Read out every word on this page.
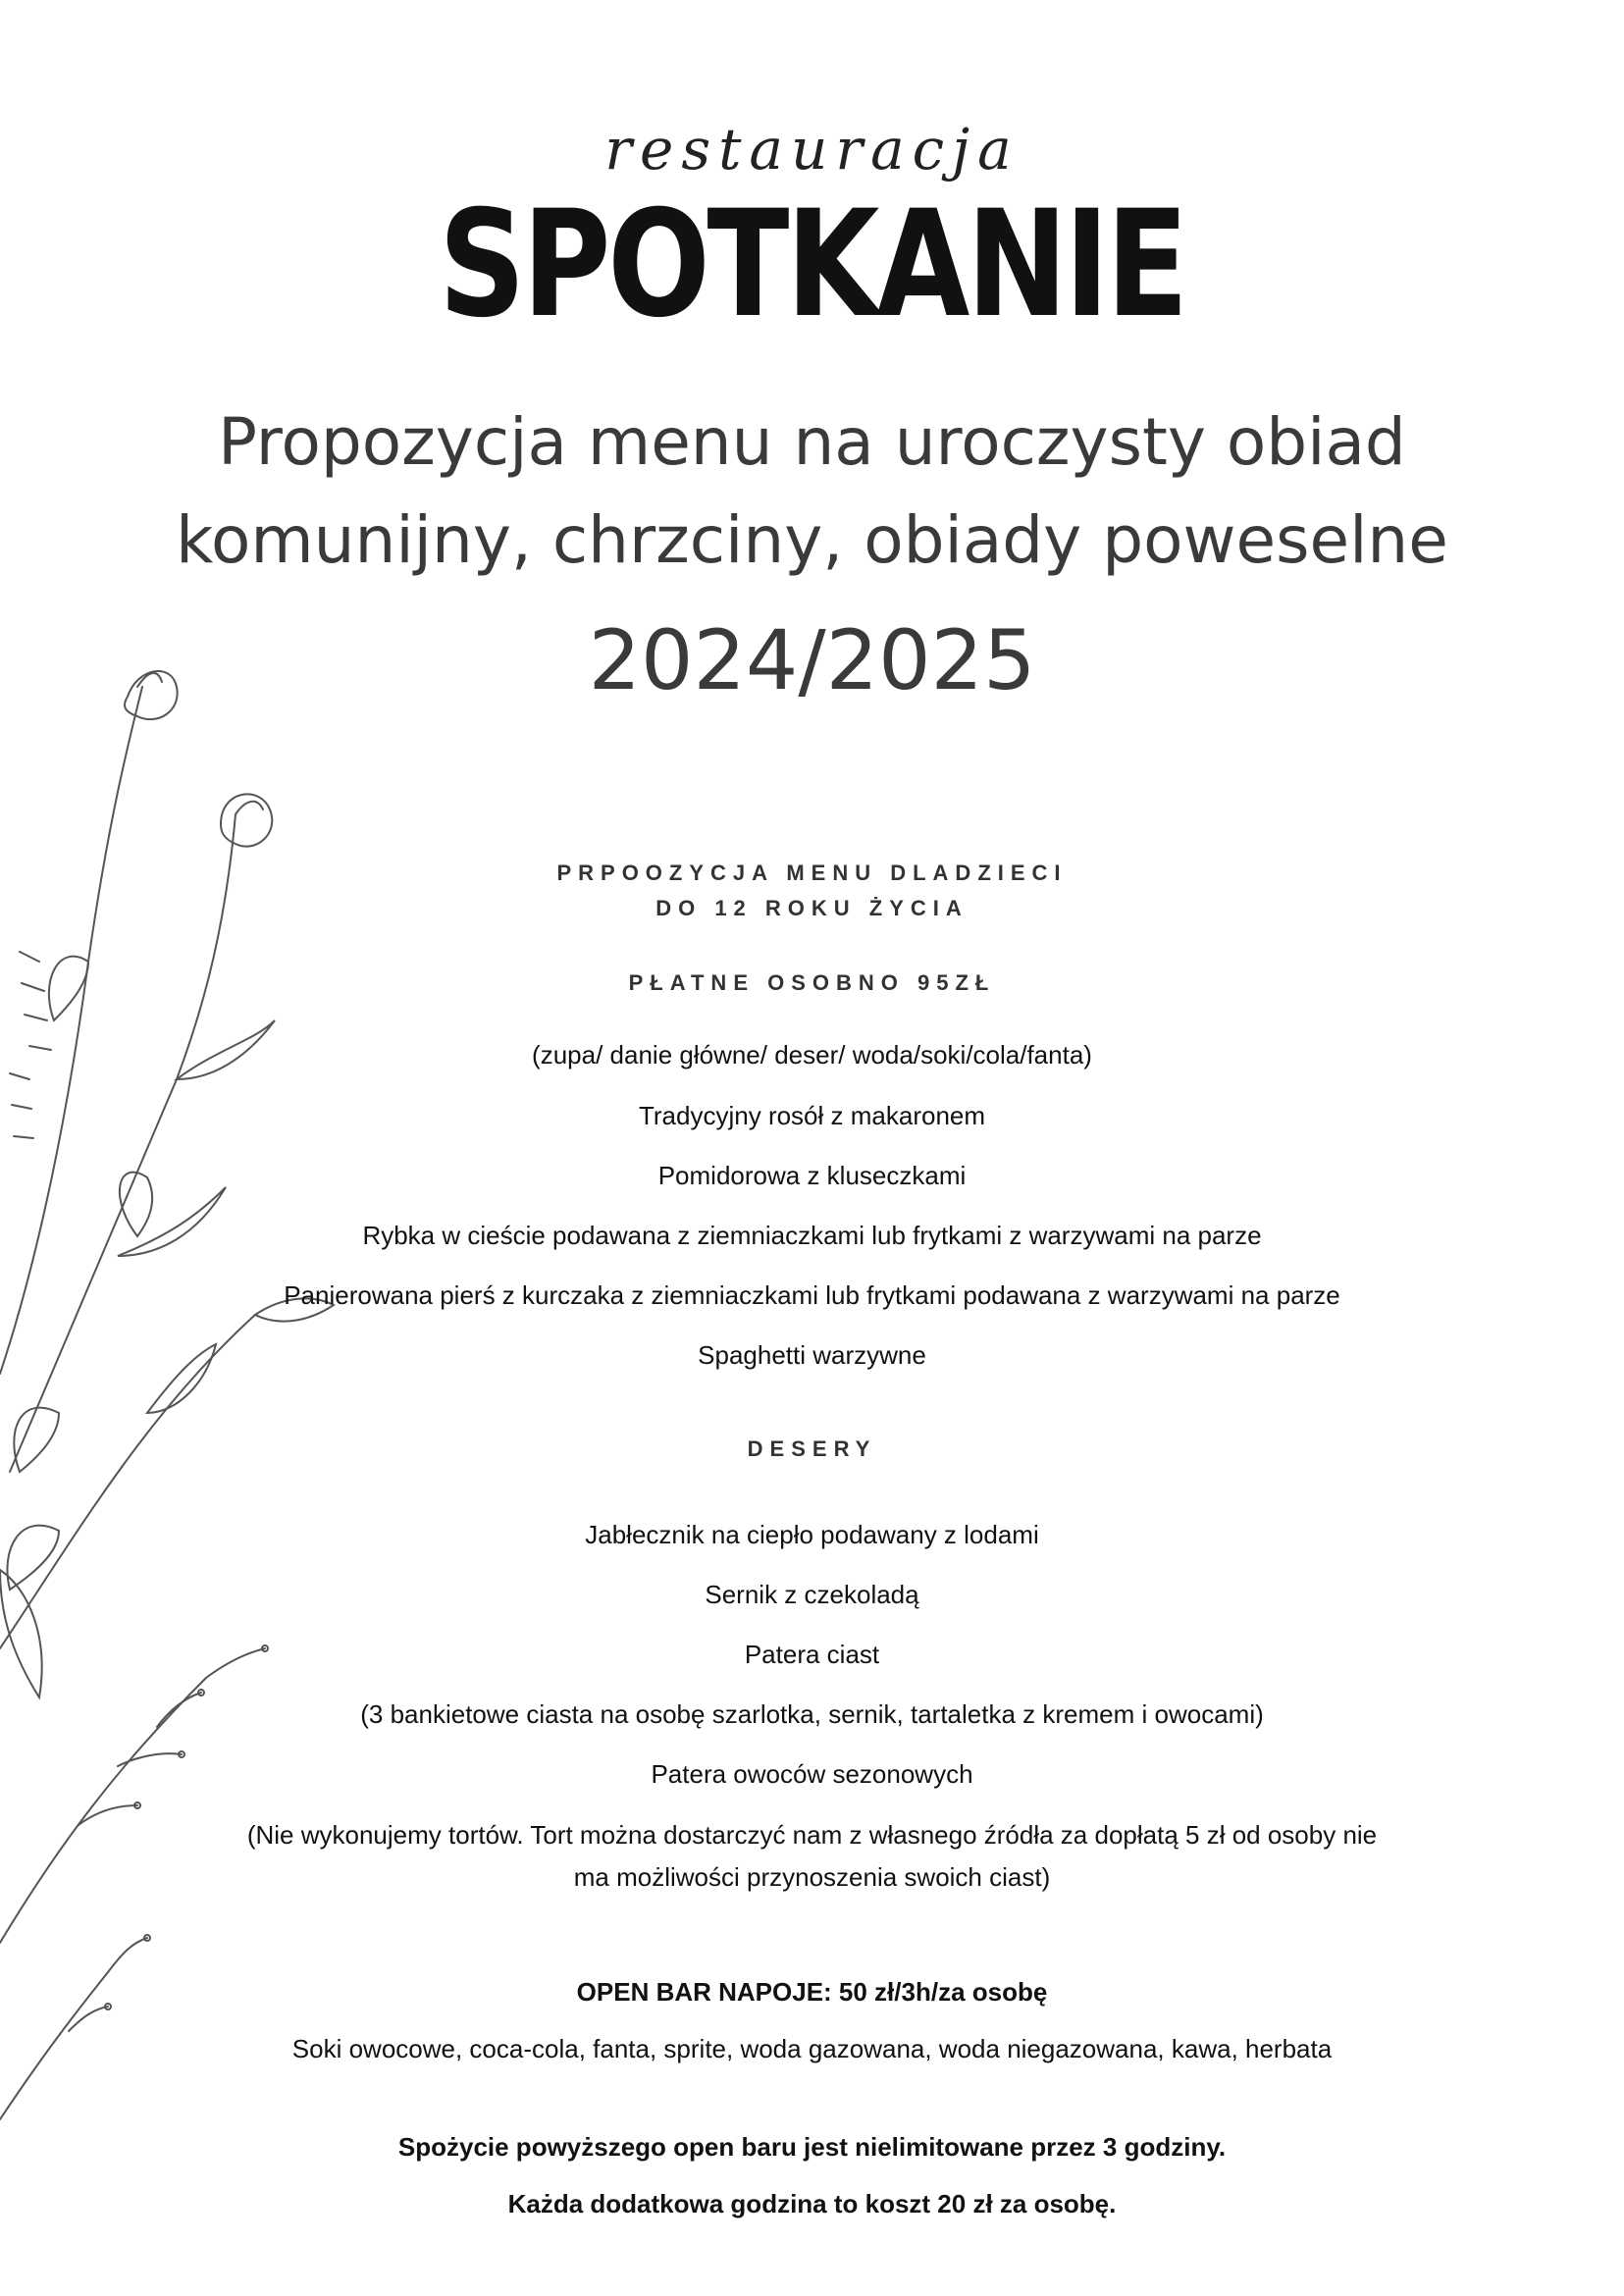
restauracja
SPOTKANIE
Propozycja menu na uroczysty obiad
komunijny, chrzciny, obiady poweselne
2024/2025
PRPOOZYCJA MENU DLADZIECI
DO 12 ROKU ŻYCIA
PŁATNE OSOBNO 95ZŁ
(zupa/ danie główne/ deser/ woda/soki/cola/fanta)
Tradycyjny rosół z makaronem
Pomidorowa z kluseczkami
Rybka w cieście podawana z ziemniaczkami lub frytkami z warzywami na parze
Panierowana pierś z kurczaka z ziemniaczkami lub frytkami podawana z warzywami na parze
Spaghetti warzywne
DESERY
Jabłecznik na ciepło podawany z lodami
Sernik z czekoladą
Patera ciast
(3 bankietowe ciasta na osobę szarlotka, sernik, tartaletka z kremem i owocami)
Patera owoców sezonowych
(Nie wykonujemy tortów. Tort można dostarczyć nam z własnego źródła za dopłatą 5 zł od osoby nie
ma możliwości przynoszenia swoich ciast)
OPEN BAR NAPOJE: 50 zł/3h/za osobę
Soki owocowe, coca-cola, fanta, sprite, woda gazowana, woda niegazowana, kawa, herbata
Spożycie powyższego open baru jest nielimitowane przez 3 godziny.
Każda dodatkowa godzina to koszt 20 zł za osobę.
